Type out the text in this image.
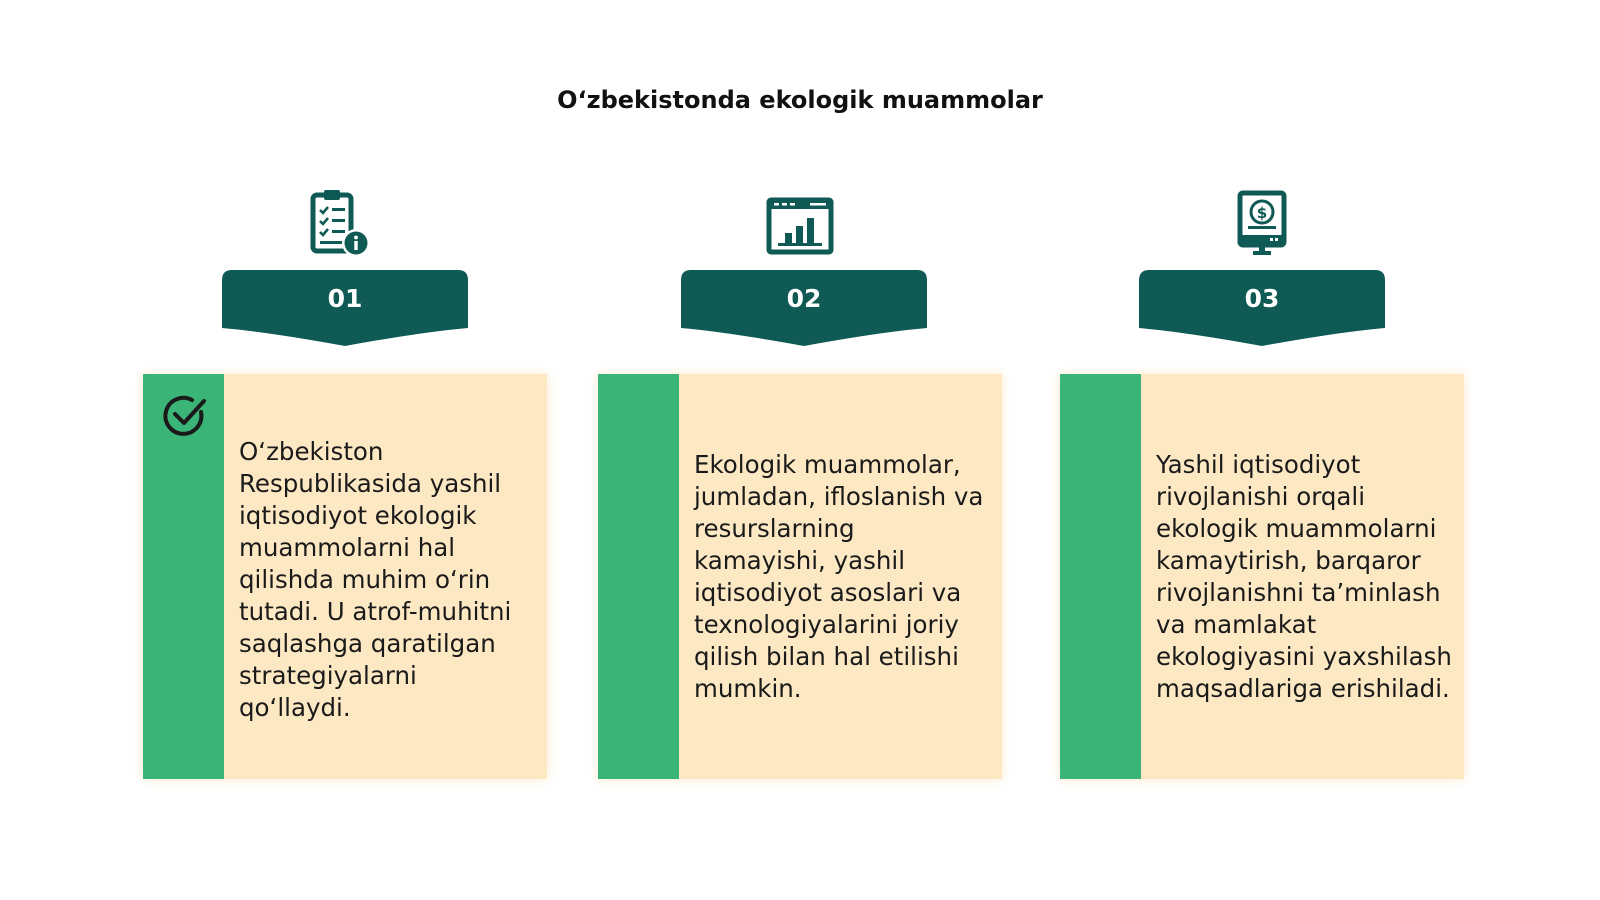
O‘zbekistonda ekologik muammolar
01
O‘zbekiston Respublikasida yashil iqtisodiyot ekologik muammolarni hal qilishda muhim o‘rin tutadi. U atrof-muhitni saqlashga qaratilgan strategiyalarni qo‘llaydi.
02
Ekologik muammolar, jumladan, ifloslanish va resurslarning kamayishi, yashil iqtisodiyot asoslari va texnologiyalarini joriy qilish bilan hal etilishi mumkin.
$
03
Yashil iqtisodiyot rivojlanishi orqali ekologik muammolarni kamaytirish, barqaror rivojlanishni ta’minlash va mamlakat ekologiyasini yaxshilash maqsadlariga erishiladi.
